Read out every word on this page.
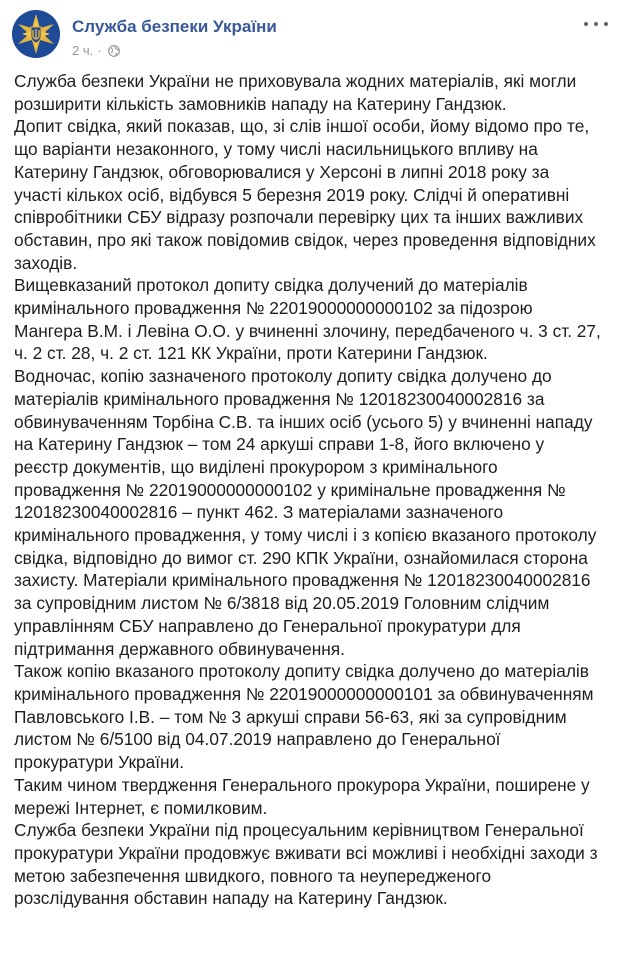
Служба безпеки України
2 ч. ·

Служба безпеки України не приховувала жодних матеріалів, які могли
розширити кількість замовників нападу на Катерину Гандзюк.

Допит свідка, який показав, що, зі слів іншої особи, йому відомо про те,
що варіанти незаконного, у тому числі насильницького впливу на
Катерину Гандзюк, обговорювалися у Херсоні в липні 2018 року за
участі кількох осіб, відбувся 5 березня 2019 року. Слідчі й оперативні
співробітники СБУ відразу розпочали перевірку цих та інших важливих
обставин, про які також повідомив свідок, через проведення відповідних
заходів.

Вищевказаний протокол допиту свідка долучений до матеріалів
кримінального провадження № 22019000000000102 за підозрою
Мангера В.М. і Левіна О.О. у вчиненні злочину, передбаченого ч. 3 ст. 27,
ч. 2 ст. 28, ч. 2 ст. 121 КК України, проти Катерини Гандзюк.

Водночас, копію зазначеного протоколу допиту свідка долучено до
матеріалів кримінального провадження № 12018230040002816 за
обвинуваченням Торбіна С.В. та інших осіб (усього 5) у вчиненні нападу
на Катерину Гандзюк – том 24 аркуші справи 1-8, його включено у
реєстр документів, що виділені прокурором з кримінального
провадження № 22019000000000102 у кримінальне провадження №
12018230040002816 – пункт 462. З матеріалами зазначеного
кримінального провадження, у тому числі і з копією вказаного протоколу
свідка, відповідно до вимог ст. 290 КПК України, ознайомилася сторона
захисту. Матеріали кримінального провадження № 12018230040002816
за супровідним листом № 6/3818 від 20.05.2019 Головним слідчим
управлінням СБУ направлено до Генеральної прокуратури для
підтримання державного обвинувачення.

Також копію вказаного протоколу допиту свідка долучено до матеріалів
кримінального провадження № 22019000000000101 за обвинуваченням
Павловського І.В. – том № 3 аркуші справи 56-63, які за супровідним
листом № 6/5100 від 04.07.2019 направлено до Генеральної
прокуратури України.

Таким чином твердження Генерального прокурора України, поширене у
мережі Інтернет, є помилковим.

Служба безпеки України під процесуальним керівництвом Генеральної
прокуратури України продовжує вживати всі можливі і необхідні заходи з
метою забезпечення швидкого, повного та неупередженого
розслідування обставин нападу на Катерину Гандзюк.
